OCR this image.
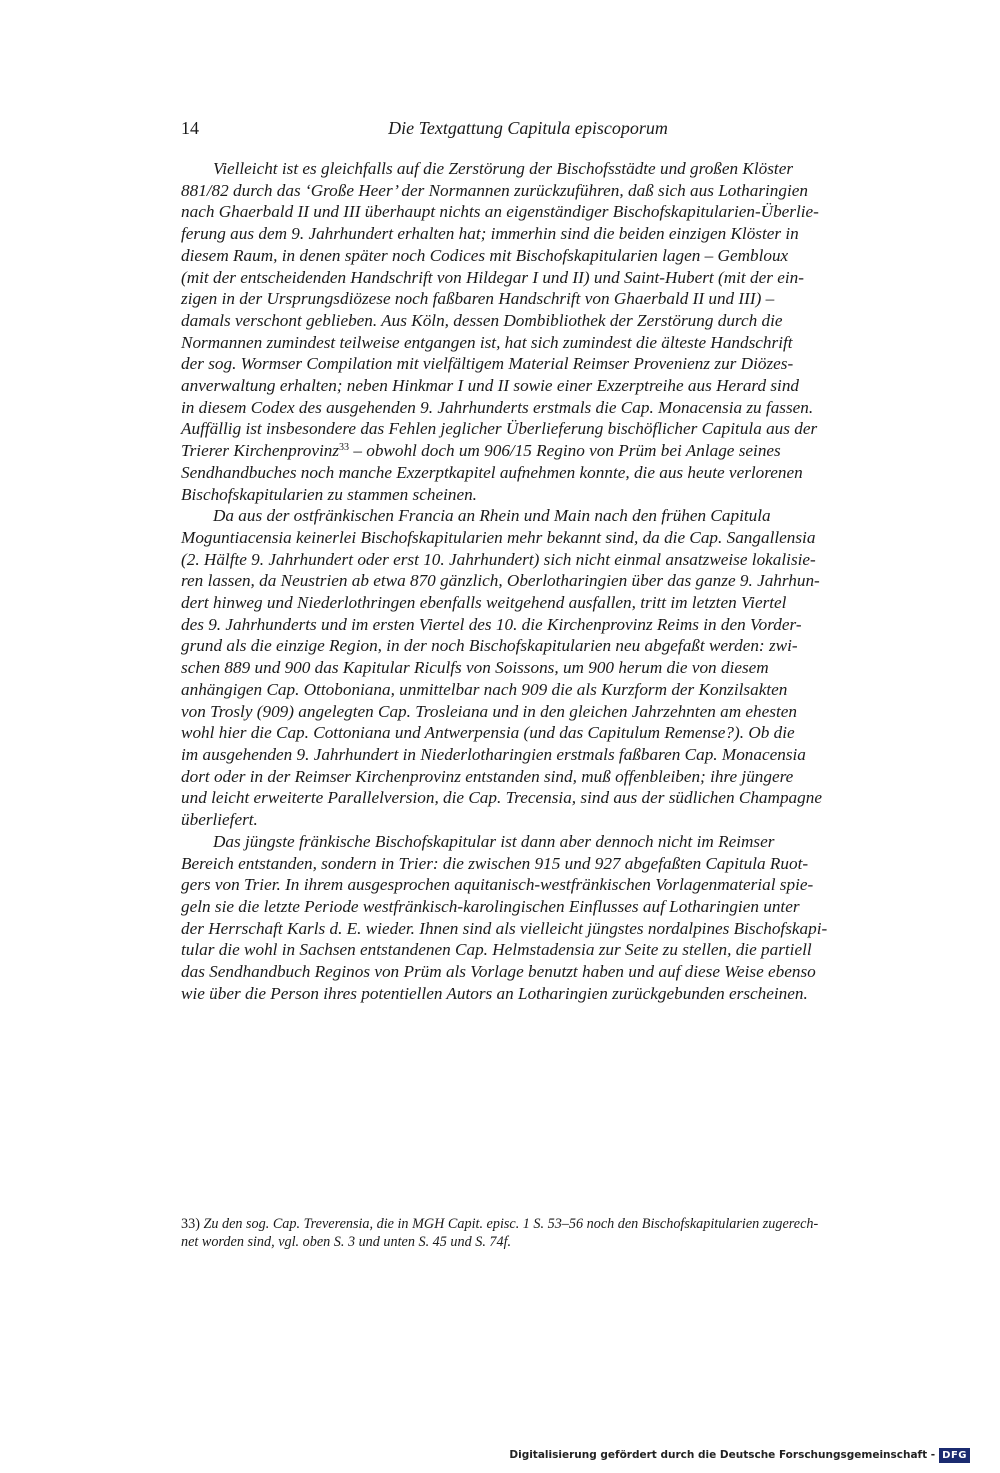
14	Die Textgattung Capitula episcoporum
Vielleicht ist es gleichfalls auf die Zerstörung der Bischofsstädte und großen Klöster
881/82 durch das ‘Große Heer’ der Normannen zurückzuführen, daß sich aus Lotharingien
nach Ghaerbald II und III überhaupt nichts an eigenständiger Bischofskapitularien-Überlie-
ferung aus dem 9. Jahrhundert erhalten hat; immerhin sind die beiden einzigen Klöster in
diesem Raum, in denen später noch Codices mit Bischofskapitularien lagen – Gembloux
(mit der entscheidenden Handschrift von Hildegar I und II) und Saint-Hubert (mit der ein-
zigen in der Ursprungsdiözese noch faßbaren Handschrift von Ghaerbald II und III) –
damals verschont geblieben. Aus Köln, dessen Dombibliothek der Zerstörung durch die
Normannen zumindest teilweise entgangen ist, hat sich zumindest die älteste Handschrift
der sog. Wormser Compilation mit vielfältigem Material Reimser Provenienz zur Diözes-
anverwaltung erhalten; neben Hinkmar I und II sowie einer Exzerptreihe aus Herard sind
in diesem Codex des ausgehenden 9. Jahrhunderts erstmals die Cap. Monacensia zu fassen.
Auffällig ist insbesondere das Fehlen jeglicher Überlieferung bischöflicher Capitula aus der
Trierer Kirchenprovinz$^{33}$ – obwohl doch um 906/15 Regino von Prüm bei Anlage seines
Sendhandbuches noch manche Exzerptkapitel aufnehmen konnte, die aus heute verlorenen
Bischofskapitularien zu stammen scheinen.
Da aus der ostfränkischen Francia an Rhein und Main nach den frühen Capitula
Moguntiacensia keinerlei Bischofskapitularien mehr bekannt sind, da die Cap. Sangallensia
(2. Hälfte 9. Jahrhundert oder erst 10. Jahrhundert) sich nicht einmal ansatzweise lokalisie-
ren lassen, da Neustrien ab etwa 870 gänzlich, Oberlotharingien über das ganze 9. Jahrhun-
dert hinweg und Niederlothringen ebenfalls weitgehend ausfallen, tritt im letzten Viertel
des 9. Jahrhunderts und im ersten Viertel des 10. die Kirchenprovinz Reims in den Vorder-
grund als die einzige Region, in der noch Bischofskapitularien neu abgefaßt werden: zwi-
schen 889 und 900 das Kapitular Riculfs von Soissons, um 900 herum die von diesem
anhängigen Cap. Ottoboniana, unmittelbar nach 909 die als Kurzform der Konzilsakten
von Trosly (909) angelegten Cap. Trosleiana und in den gleichen Jahrzehnten am ehesten
wohl hier die Cap. Cottoniana und Antwerpensia (und das Capitulum Remense?). Ob die
im ausgehenden 9. Jahrhundert in Niederlotharingien erstmals faßbaren Cap. Monacensia
dort oder in der Reimser Kirchenprovinz entstanden sind, muß offenbleiben; ihre jüngere
und leicht erweiterte Parallelversion, die Cap. Trecensia, sind aus der südlichen Champagne
überliefert.
Das jüngste fränkische Bischofskapitular ist dann aber dennoch nicht im Reimser
Bereich entstanden, sondern in Trier: die zwischen 915 und 927 abgefaßten Capitula Ruot-
gers von Trier. In ihrem ausgesprochen aquitanisch-westfränkischen Vorlagenmaterial spie-
geln sie die letzte Periode westfränkisch-karolingischen Einflusses auf Lotharingien unter
der Herrschaft Karls d. E. wieder. Ihnen sind als vielleicht jüngstes nordalpines Bischofskapi-
tular die wohl in Sachsen entstandenen Cap. Helmstadensia zur Seite zu stellen, die partiell
das Sendhandbuch Reginos von Prüm als Vorlage benutzt haben und auf diese Weise ebenso
wie über die Person ihres potentiellen Autors an Lotharingien zurückgebunden erscheinen.
33) Zu den sog. Cap. Treverensia, die in MGH Capit. episc. 1 S. 53–56 noch den Bischofskapitularien zugerech-
net worden sind, vgl. oben S. 3 und unten S. 45 und S. 74f.
Digitalisierung gefördert durch die Deutsche Forschungsgemeinschaft - DFG
